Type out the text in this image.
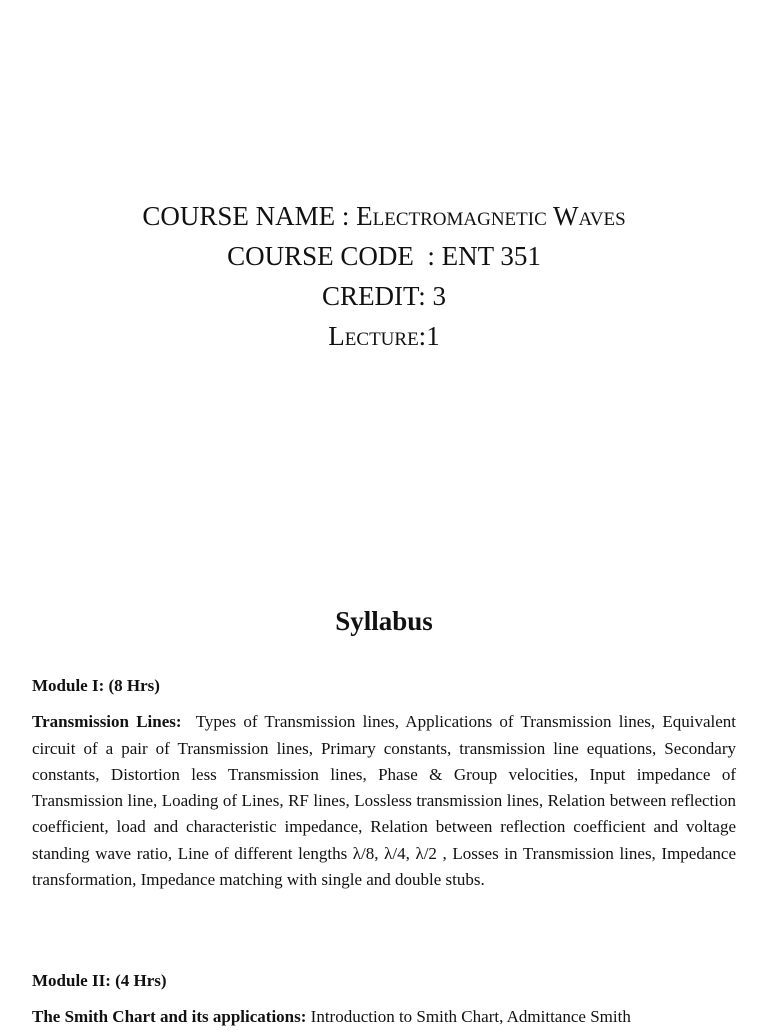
COURSE NAME : Electromagnetic Waves
COURSE CODE  : ENT 351
CREDIT: 3
Lecture:1
Syllabus

Module I: (8 Hrs)

Transmission Lines:  Types of Transmission lines, Applications of Transmission lines, Equivalent circuit of a pair of Transmission lines, Primary constants, transmission line equations, Secondary constants, Distortion less Transmission lines, Phase & Group velocities, Input impedance of Transmission line, Loading of Lines, RF lines, Lossless transmission lines, Relation between reflection coefficient, load and characteristic impedance, Relation between reflection coefficient and voltage standing wave ratio, Line of different lengths λ/8, λ/4, λ/2 , Losses in Transmission lines, Impedance transformation, Impedance matching with single and double stubs.

Module II: (4 Hrs)

The Smith Chart and its applications: Introduction to Smith Chart, Admittance Smith
